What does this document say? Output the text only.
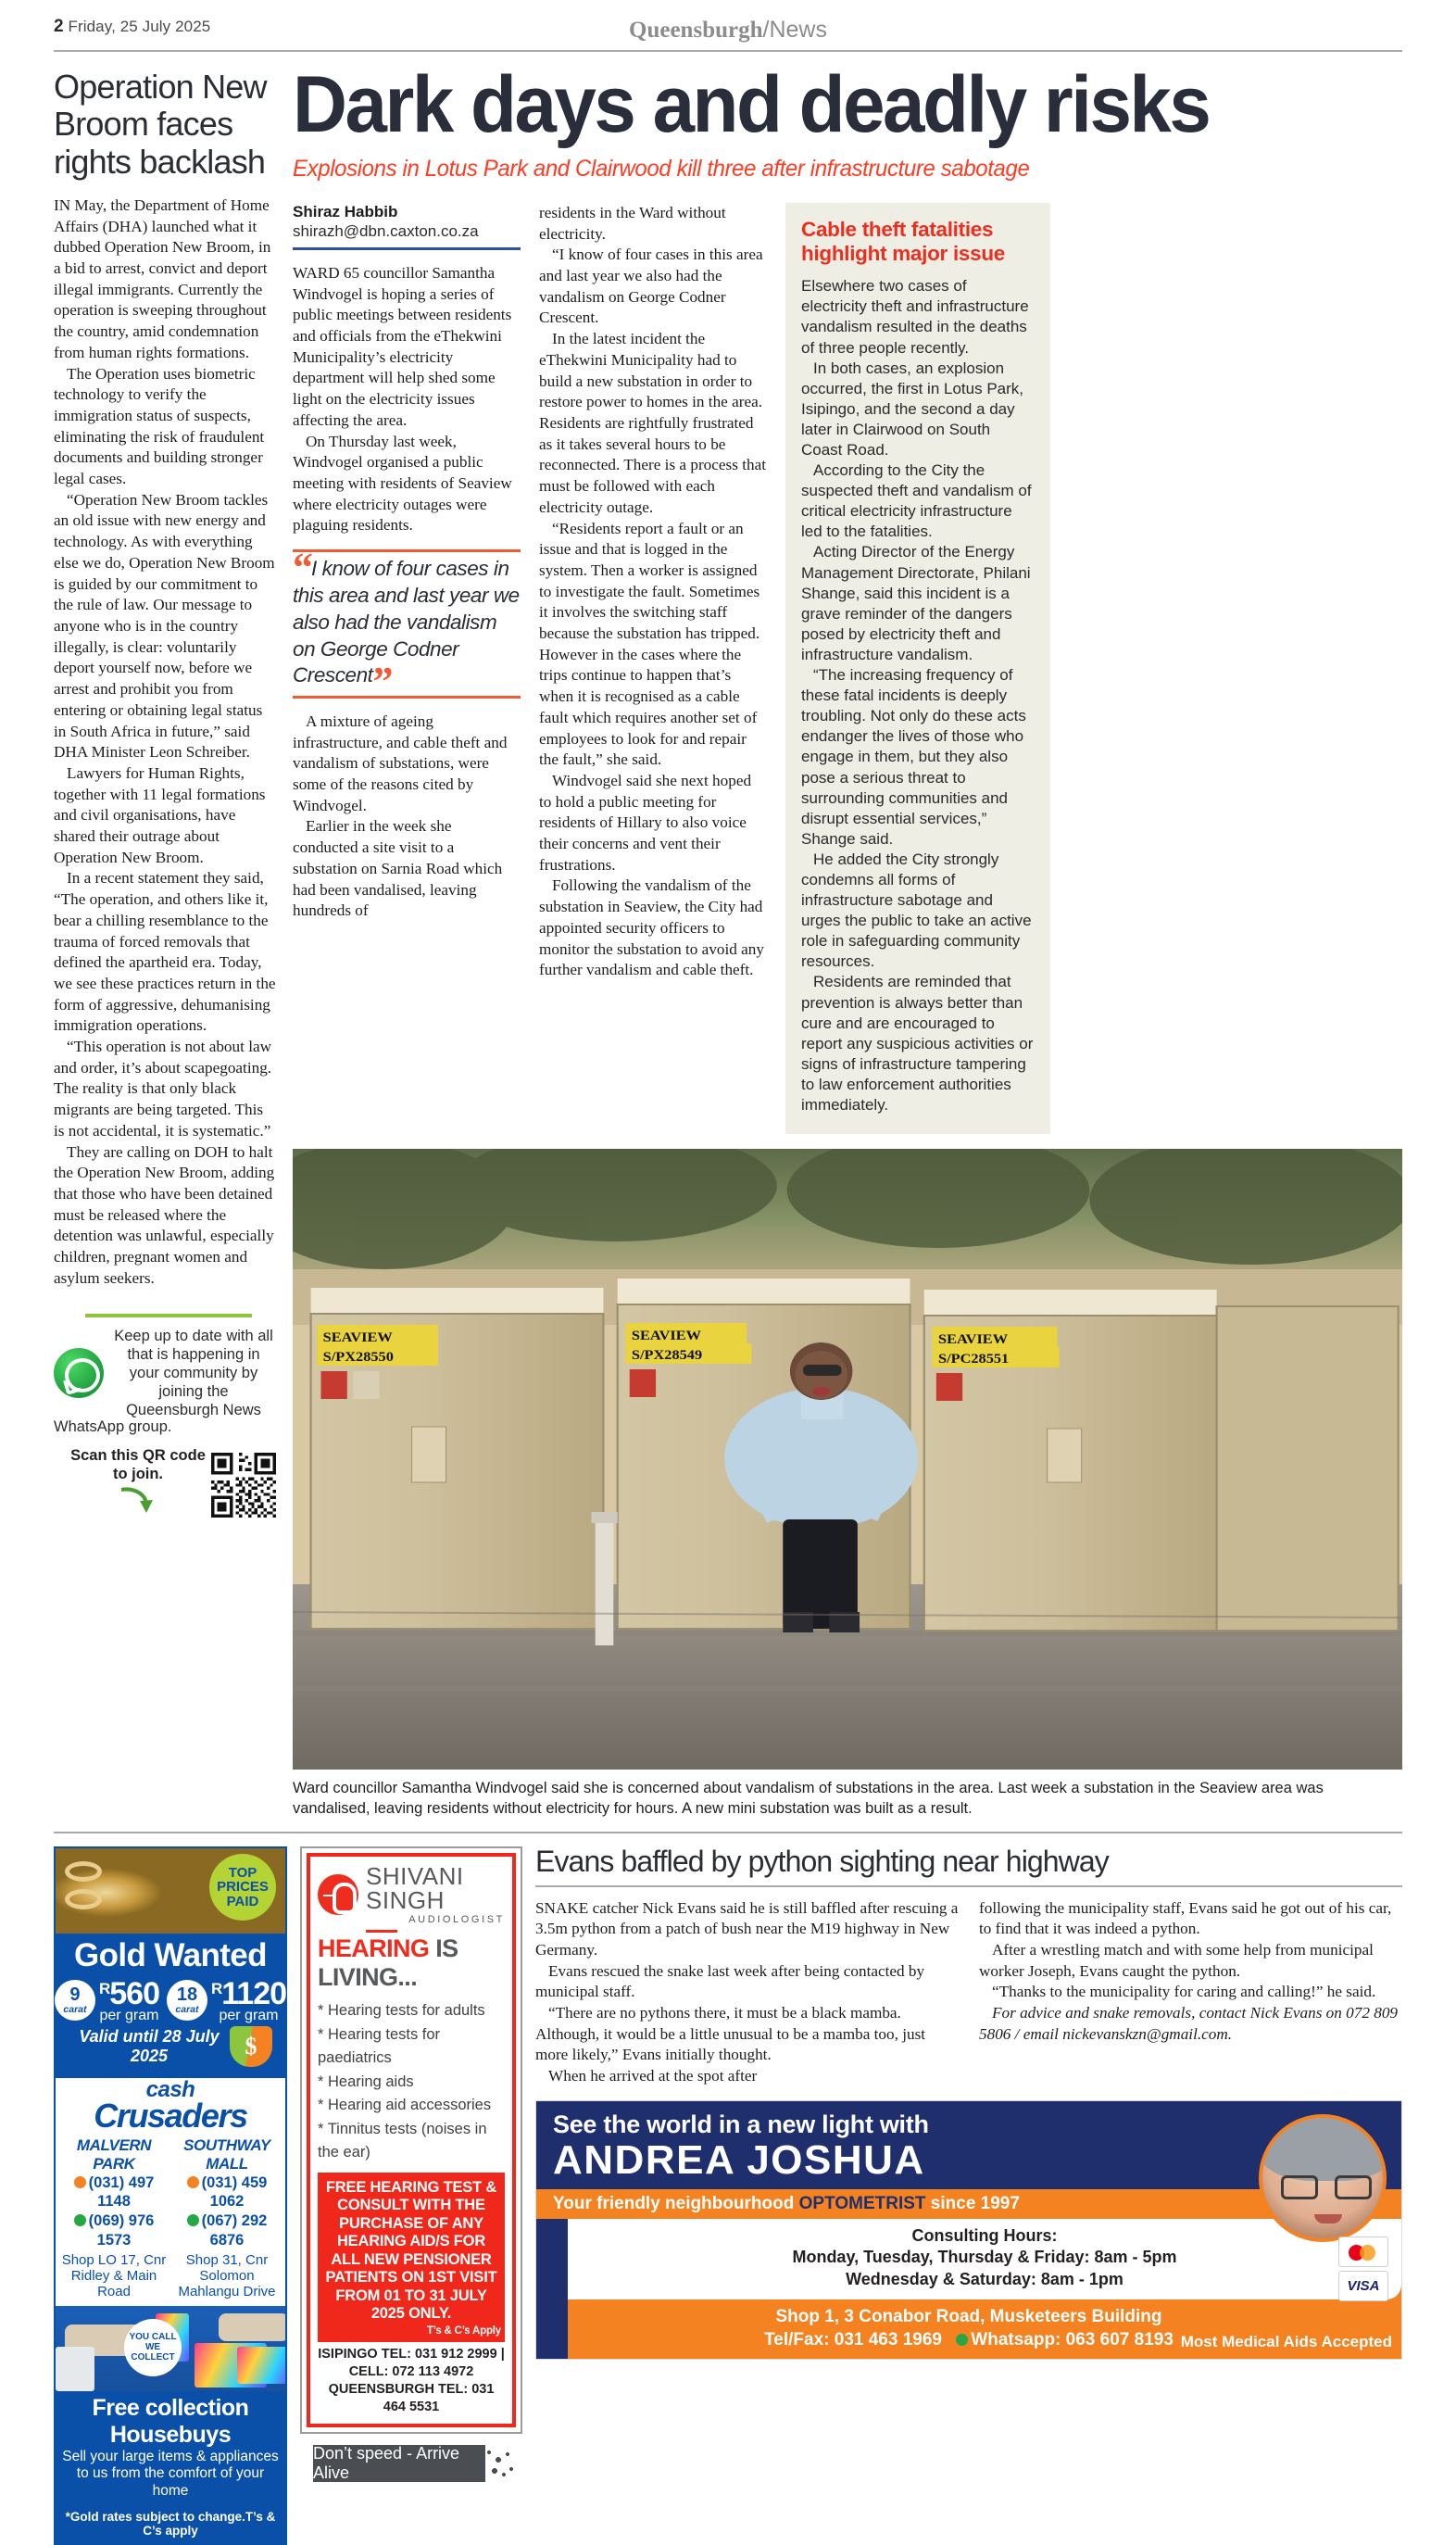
2 Friday, 25 July 2025	Queensburgh/News
Operation New Broom faces rights backlash

IN May, the Department of Home Affairs (DHA) launched what it dubbed Operation New Broom, in a bid to arrest, convict and deport illegal immigrants. Currently the operation is sweeping throughout the country, amid condemnation from human rights formations.

The Operation uses biometric technology to verify the immigration status of suspects, eliminating the risk of fraudulent documents and building stronger legal cases.

“Operation New Broom tackles an old issue with new energy and technology. As with everything else we do, Operation New Broom is guided by our commitment to the rule of law. Our message to anyone who is in the country illegally, is clear: voluntarily deport yourself now, before we arrest and prohibit you from entering or obtaining legal status in South Africa in future,” said DHA Minister Leon Schreiber.

Lawyers for Human Rights, together with 11 legal formations and civil organisations, have shared their outrage about Operation New Broom.

In a recent statement they said, “The operation, and others like it, bear a chilling resemblance to the trauma of forced removals that defined the apartheid era. Today, we see these practices return in the form of aggressive, dehumanising immigration operations.

“This operation is not about law and order, it’s about scapegoating. The reality is that only black migrants are being targeted. This is not accidental, it is systematic.”

They are calling on DOH to halt the Operation New Broom, adding that those who have been detained must be released where the detention was unlawful, especially children, pregnant women and asylum seekers.

Keep up to date with all that is happening in your community by joining the Queensburgh News
WhatsApp group.
Scan this QR code to join.
Dark days and deadly risks
Explosions in Lotus Park and Clairwood kill three after infrastructure sabotage
Shiraz Habbib
shirazh@dbn.caxton.co.za

WARD 65 councillor Samantha Windvogel is hoping a series of public meetings between residents and officials from the eThekwini Municipality’s electricity department will help shed some light on the electricity issues affecting the area.

On Thursday last week, Windvogel organised a public meeting with residents of Seaview where electricity outages were plaguing residents.

“I know of four cases in this area and last year we also had the vandalism on George Codner Crescent”

A mixture of ageing infrastructure, and cable theft and vandalism of substations, were some of the reasons cited by Windvogel.

Earlier in the week she conducted a site visit to a substation on Sarnia Road which had been vandalised, leaving hundreds of

residents in the Ward without electricity.

“I know of four cases in this area and last year we also had the vandalism on George Codner Crescent.

In the latest incident the eThekwini Municipality had to build a new substation in order to restore power to homes in the area. Residents are rightfully frustrated as it takes several hours to be reconnected. There is a process that must be followed with each electricity outage.

“Residents report a fault or an issue and that is logged in the system. Then a worker is assigned to investigate the fault. Sometimes it involves the switching staff because the substation has tripped. However in the cases where the trips continue to happen that’s when it is recognised as a cable fault which requires another set of employees to look for and repair the fault,” she said.

Windvogel said she next hoped to hold a public meeting for residents of Hillary to also voice their concerns and vent their frustrations.

Following the vandalism of the substation in Seaview, the City had appointed security officers to monitor the substation to avoid any further vandalism and cable theft.

Cable theft fatalities highlight major issue

Elsewhere two cases of electricity theft and infrastructure vandalism resulted in the deaths of three people recently.

In both cases, an explosion occurred, the first in Lotus Park, Isipingo, and the second a day later in Clairwood on South Coast Road.

According to the City the suspected theft and vandalism of critical electricity infrastructure led to the fatalities.

Acting Director of the Energy Management Directorate, Philani Shange, said this incident is a grave reminder of the dangers posed by electricity theft and infrastructure vandalism.

“The increasing frequency of these fatal incidents is deeply troubling. Not only do these acts endanger the lives of those who engage in them, but they also pose a serious threat to surrounding communities and disrupt essential services,” Shange said.

He added the City strongly condemns all forms of infrastructure sabotage and urges the public to take an active role in safeguarding community resources.

Residents are reminded that prevention is always better than cure and are encouraged to report any suspicious activities or signs of infrastructure tampering to law enforcement authorities immediately.

SEAVIEW
S/PX28550
SEAVIEW
S/PX28549
SEAVIEW
S/PC28551
Ward councillor Samantha Windvogel said she is concerned about vandalism of substations in the area. Last week a substation in the Seaview area was vandalised, leaving residents without electricity for hours. A new mini substation was built as a result.
TOP PRICES PAID
Gold Wanted
9
carat
$^R$560
per gram
18
carat
$^R$1120
per gram
Valid until 28 July 2025
$
cash
Crusaders
MALVERN PARK
(031) 497 1148
(069) 976 1573
Shop LO 17, Cnr Ridley & Main Road
SOUTHWAY MALL
(031) 459 1062
(067) 292 6876
Shop 31, Cnr Solomon Mahlangu Drive
YOU CALL WE COLLECT
Free collection Housebuys

Sell your large items & appliances to us from the comfort of your home

*Gold rates subject to change.T’s & C’s apply
SHIVANI SINGH
AUDIOLOGIST
HEARING IS LIVING...
* Hearing tests for adults
* Hearing tests for paediatrics
* Hearing aids
* Hearing aid accessories
* Tinnitus tests (noises in the ear)
FREE HEARING TEST & CONSULT WITH THE PURCHASE OF ANY HEARING AID/S FOR ALL NEW PENSIONER PATIENTS ON 1ST VISIT FROM 01 TO 31 JULY 2025 ONLY.
T’s & C’s Apply
ISIPINGO TEL: 031 912 2999 | CELL: 072 113 4972
QUEENSBURGH TEL: 031 464 5531
Don’t speed - Arrive Alive
Evans baffled by python sighting near highway

SNAKE catcher Nick Evans said he is still baffled after rescuing a 3.5m python from a patch of bush near the M19 highway in New Germany.

Evans rescued the snake last week after being contacted by municipal staff.

“There are no pythons there, it must be a black mamba. Although, it would be a little unusual to be a mamba too, just more likely,” Evans initially thought.

When he arrived at the spot after

following the municipality staff, Evans said he got out of his car, to find that it was indeed a python.

After a wrestling match and with some help from municipal worker Joseph, Evans caught the python.

“Thanks to the municipality for caring and calling!” he said.

For advice and snake removals, contact Nick Evans on 072 809 5806 / email nickevanskzn@gmail.com.

See the world in a new light with
ANDREA JOSHUA
Your friendly neighbourhood OPTOMETRIST since 1997
Consulting Hours:
Monday, Tuesday, Thursday & Friday: 8am - 5pm
Wednesday & Saturday: 8am - 1pm
Shop 1, 3 Conabor Road, Musketeers Building
Tel/Fax: 031 463 1969 Whatsapp: 063 607 8193
VISA
Most Medical Aids Accepted
